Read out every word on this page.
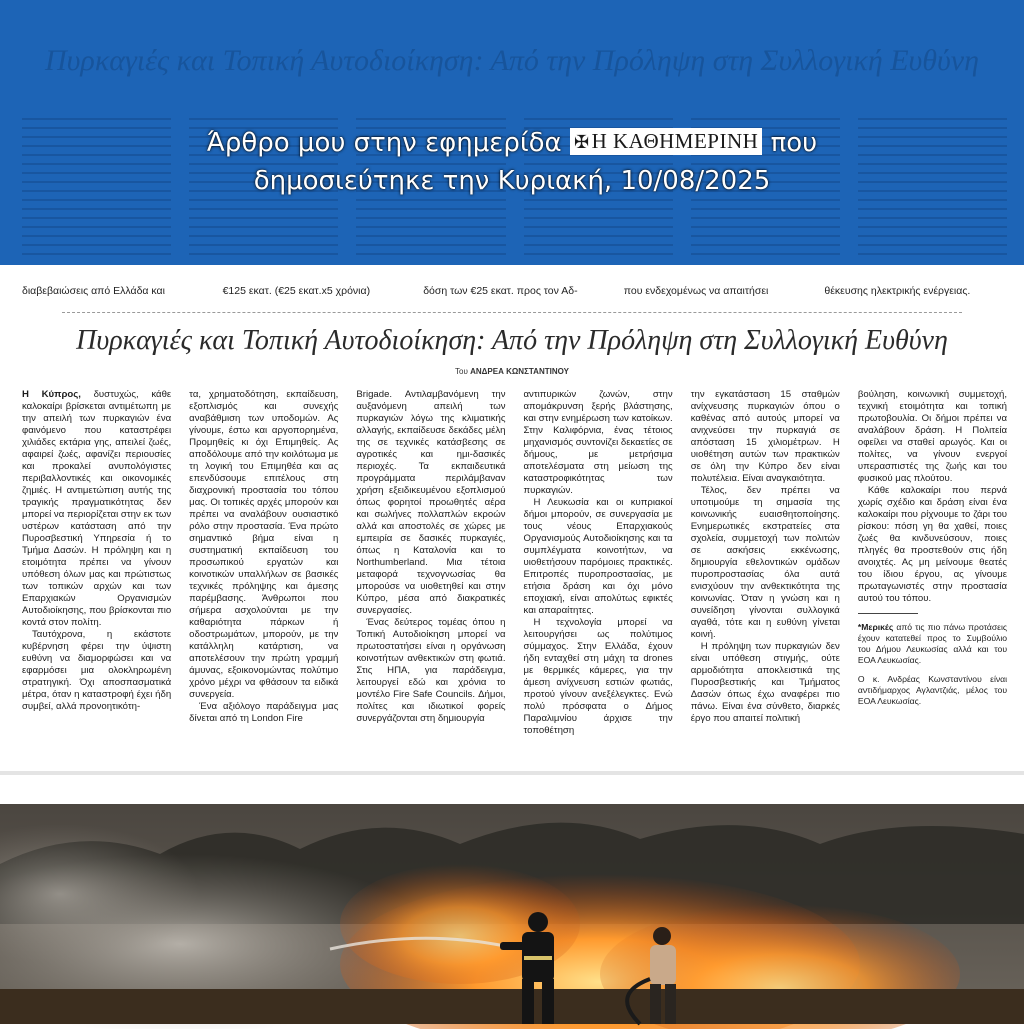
Πυρκαγιές και Τοπική Αυτοδιοίκηση: Από την Πρόληψη στη Συλλογική Ευθύνη
Άρθρο μου στην εφημερίδα ✠Η ΚΑΘΗΜΕΡΙΝΗ που
δημοσιεύτηκε την Κυριακή, 10/08/2025
διαβεβαιώσεις από Ελλάδα και	€125 εκατ. (€25 εκατ.x5 χρόνια)	δόση των €25 εκατ. προς τον Αδ-	που ενδεχομένως να απαιτήσει	θέκευσης ηλεκτρικής ενέργειας.
Πυρκαγιές και Τοπική Αυτοδιοίκηση: Από την Πρόληψη στη Συλλογική Ευθύνη
Του ΑΝΔΡΕΑ ΚΩΝΣΤΑΝΤΙΝΟΥ

Η Κύπρος, δυστυχώς, κάθε καλοκαίρι βρίσκεται αντιμέτωπη με την απειλή των πυρκαγιών ένα φαινόμενο που καταστρέφει χιλιάδες εκτάρια γης, απειλεί ζωές, αφαιρεί ζωές, αφανίζει περιουσίες και προκαλεί ανυπολόγιστες περιβαλλοντικές και οικονομικές ζημιές. Η αντιμετώπιση αυτής της τραγικής πραγματικότητας δεν μπορεί να περιορίζεται στην εκ των υστέρων κατάσταση από την Πυροσβεστική Υπηρεσία ή το Τμήμα Δασών. Η πρόληψη και η ετοιμότητα πρέπει να γίνουν υπόθεση όλων μας και πρώτιστως των τοπικών αρχών και των Επαρχιακών Οργανισμών Αυτοδιοίκησης, που βρίσκονται πιο κοντά στον πολίτη.

Ταυτόχρονα, η εκάστοτε κυβέρνηση φέρει την ύψιστη ευθύνη να διαμορφώσει και να εφαρμόσει μια ολοκληρωμένη στρατηγική. Όχι αποσπασματικά μέτρα, όταν η καταστροφή έχει ήδη συμβεί, αλλά προνοητικότη-

τα, χρηματοδότηση, εκπαίδευση, εξοπλισμός και συνεχής αναβάθμιση των υποδομών. Ας γίνουμε, έστω και αργοπορημένα, Προμηθείς κι όχι Επιμηθείς. Ας αποδόλουμε από την κοιλότωμα με τη λογική του Επιμηθέα και ας επενδύσουμε επιτέλους στη διαχρονική προστασία του τόπου μας. Οι τοπικές αρχές μπορούν και πρέπει να αναλάβουν ουσιαστικό ρόλο στην προστασία. Ένα πρώτο σημαντικό βήμα είναι η συστηματική εκπαίδευση του προσωπικού εργατών και κοινοτικών υπαλλήλων σε βασικές τεχνικές πρόληψης και άμεσης παρέμβασης. Άνθρωποι που σήμερα ασχολούνται με την καθαριότητα πάρκων ή οδοστρωμάτων, μπορούν, με την κατάλληλη κατάρτιση, να αποτελέσουν την πρώτη γραμμή άμυνας, εξοικονομώντας πολύτιμο χρόνο μέχρι να φθάσουν τα ειδικά συνεργεία.

Ένα αξιόλογο παράδειγμα μας δίνεται από τη London Fire

Brigade. Αντιλαμβανόμενη την αυξανόμενη απειλή των πυρκαγιών λόγω της κλιματικής αλλαγής, εκπαίδευσε δεκάδες μέλη της σε τεχνικές κατάσβεσης σε αγροτικές και ημι-δασικές περιοχές. Τα εκπαιδευτικά προγράμματα περιλάμβαναν χρήση εξειδικευμένου εξοπλισμού όπως φορητοί προωθητές αέρα και σωλήνες πολλαπλών εκροών αλλά και αποστολές σε χώρες με εμπειρία σε δασικές πυρκαγιές, όπως η Καταλονία και το Northumberland. Μια τέτοια μεταφορά τεχνογνωσίας θα μπορούσε να υιοθετηθεί και στην Κύπρο, μέσα από διακρατικές συνεργασίες.

Ένας δεύτερος τομέας όπου η Τοπική Αυτοδιοίκηση μπορεί να πρωτοστατήσει είναι η οργάνωση κοινοτήτων ανθεκτικών στη φωτιά. Στις ΗΠΑ, για παράδειγμα, λειτουργεί εδώ και χρόνια το μοντέλο Fire Safe Councils. Δήμοι, πολίτες και ιδιωτικοί φορείς συνεργάζονται στη δημιουργία

αντιπυρικών ζωνών, στην απομάκρυνση ξερής βλάστησης, και στην ενημέρωση των κατοίκων. Στην Καλιφόρνια, ένας τέτοιος μηχανισμός συντονίζει δεκαετίες σε δήμους, με μετρήσιμα αποτελέσματα στη μείωση της καταστροφικότητας των πυρκαγιών.

Η Λευκωσία και οι κυπριακοί δήμοι μπορούν, σε συνεργασία με τους νέους Επαρχιακούς Οργανισμούς Αυτοδιοίκησης και τα συμπλέγματα κοινοτήτων, να υιοθετήσουν παρόμοιες πρακτικές. Επιτροπές πυροπροστασίας, με ετήσια δράση και όχι μόνο εποχιακή, είναι απολύτως εφικτές και απαραίτητες.

Η τεχνολογία μπορεί να λειτουργήσει ως πολύτιμος σύμμαχος. Στην Ελλάδα, έχουν ήδη ενταχθεί στη μάχη τα drones με θερμικές κάμερες, για την άμεση ανίχνευση εστιών φωτιάς, προτού γίνουν ανεξέλεγκτες. Ενώ πολύ πρόσφατα ο Δήμος Παραλιμνίου άρχισε την τοποθέτηση

την εγκατάσταση 15 σταθμών ανίχνευσης πυρκαγιών όπου ο καθένας από αυτούς μπορεί να ανιχνεύσει την πυρκαγιά σε απόσταση 15 χιλιομέτρων. Η υιοθέτηση αυτών των πρακτικών σε όλη την Κύπρο δεν είναι πολυτέλεια. Είναι αναγκαιότητα.

Τέλος, δεν πρέπει να υποτιμούμε τη σημασία της κοινωνικής ευαισθητοποίησης. Ενημερωτικές εκστρατείες στα σχολεία, συμμετοχή των πολιτών σε ασκήσεις εκκένωσης, δημιουργία εθελοντικών ομάδων πυροπροστασίας όλα αυτά ενισχύουν την ανθεκτικότητα της κοινωνίας. Όταν η γνώση και η συνείδηση γίνονται συλλογικά αγαθά, τότε και η ευθύνη γίνεται κοινή.

Η πρόληψη των πυρκαγιών δεν είναι υπόθεση στιγμής, ούτε αρμοδιότητα αποκλειστικά της Πυροσβεστικής και Τμήματος Δασών όπως έχω αναφέρει πιο πάνω. Είναι ένα σύνθετο, διαρκές έργο που απαιτεί πολιτική

βούληση, κοινωνική συμμετοχή, τεχνική ετοιμότητα και τοπική πρωτοβουλία. Οι δήμοι πρέπει να αναλάβουν δράση. Η Πολιτεία οφείλει να σταθεί αρωγός. Και οι πολίτες, να γίνουν ενεργοί υπερασπιστές της ζωής και του φυσικού μας πλούτου.

Κάθε καλοκαίρι που περνά χωρίς σχέδιο και δράση είναι ένα καλοκαίρι που ρίχνουμε το ζάρι του ρίσκου: πόση γη θα χαθεί, ποιες ζωές θα κινδυνεύσουν, ποιες πληγές θα προστεθούν στις ήδη ανοιχτές. Ας μη μείνουμε θεατές του ίδιου έργου, ας γίνουμε πρωταγωνιστές στην προστασία αυτού του τόπου.

*Μερικές από τις πιο πάνω προτάσεις έχουν κατατεθεί προς το Συμβούλιο του Δήμου Λευκωσίας αλλά και του ΕΟΑ Λευκωσίας.
Ο κ. Ανδρέας Κωνσταντίνου είναι αντιδήμαρχος Αγλαντζιάς, μέλος του ΕΟΑ Λευκωσίας.
